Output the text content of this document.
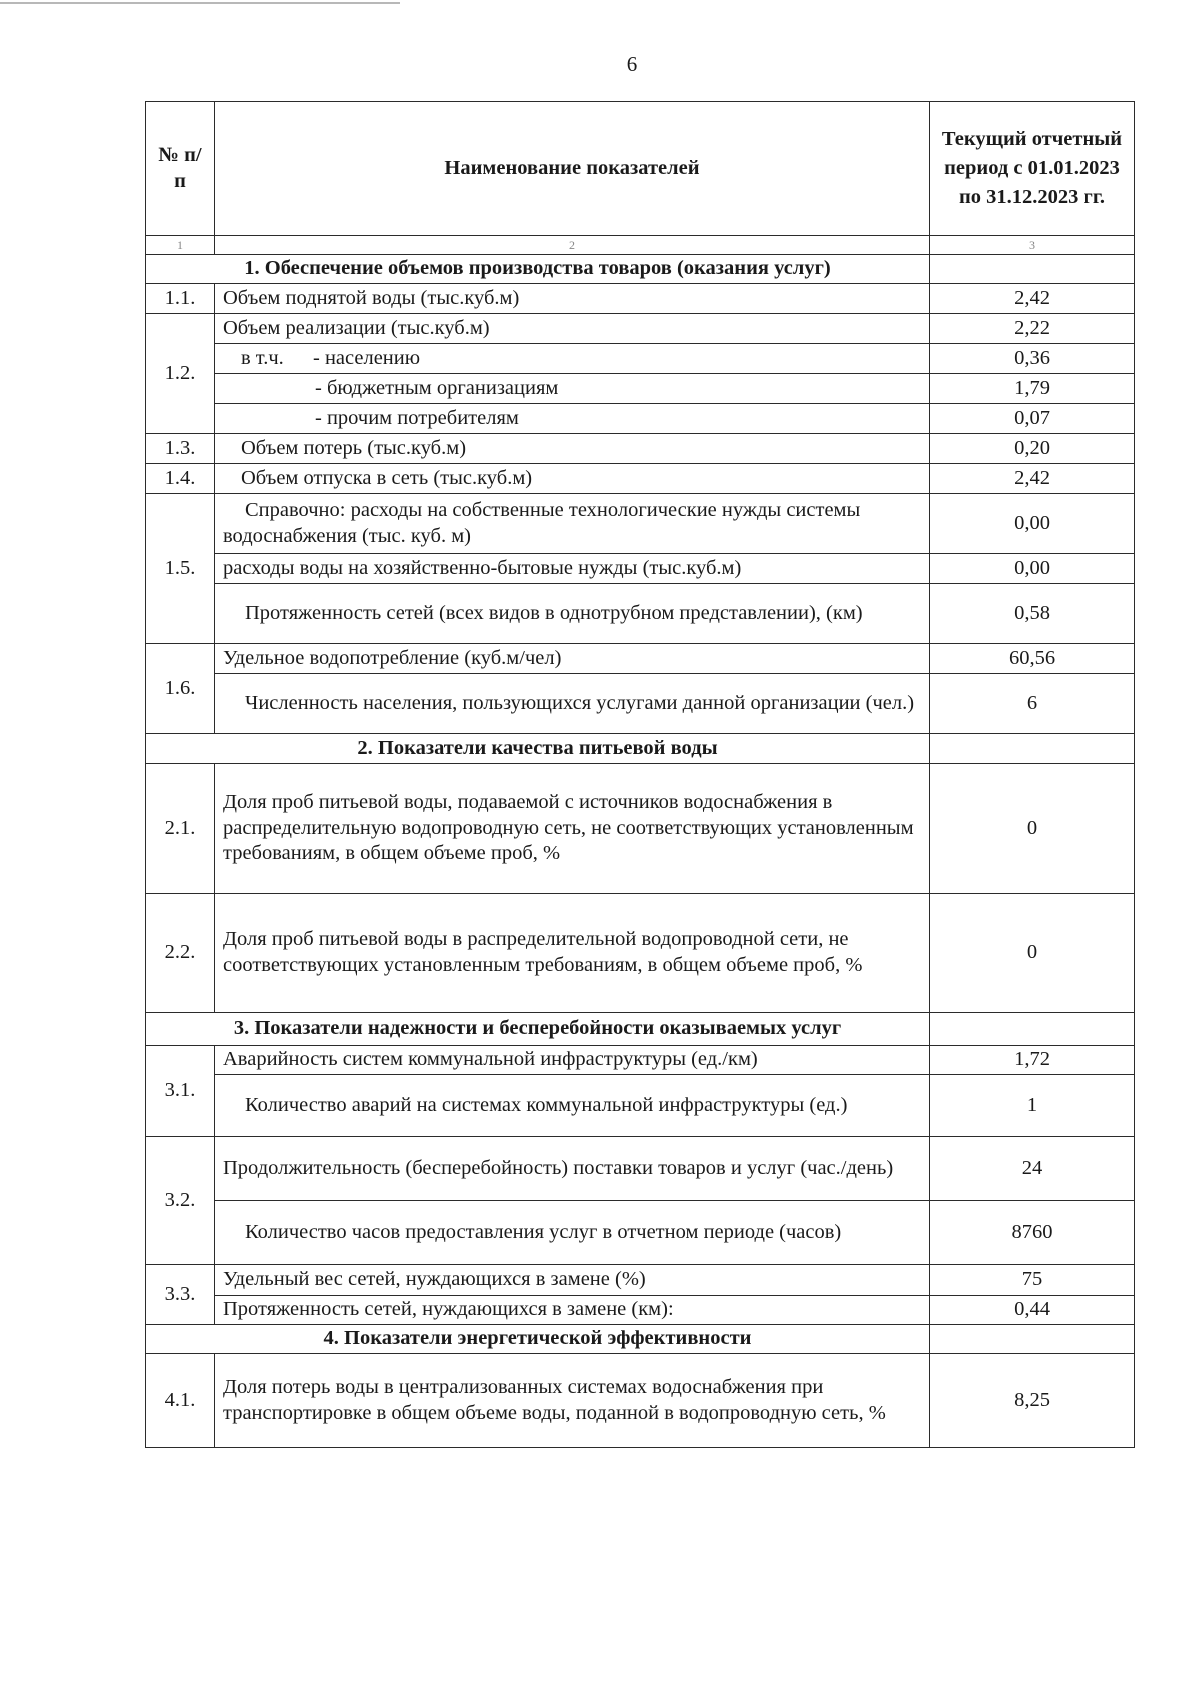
6
№ п/п	Наименование показателей	Текущий отчетный период с 01.01.2023 по 31.12.2023 гг.
1	2	3
1. Обеспечение объемов производства товаров (оказания услуг)		
1.1.	Объем поднятой воды (тыс.куб.м)	2,42
1.2.	Объем реализации (тыс.куб.м)	2,22
	в т.ч. - населению	0,36
	- бюджетным организациям	1,79
	- прочим потребителям	0,07
1.3.	Объем потерь (тыс.куб.м)	0,20
1.4.	Объем отпуска в сеть (тыс.куб.м)	2,42
1.5.	Справочно: расходы на собственные технологические нужды системы водоснабжения (тыс. куб. м)	0,00
	расходы воды на хозяйственно-бытовые нужды (тыс.куб.м)	0,00
	Протяженность сетей (всех видов в однотрубном представлении), (км)	0,58
1.6.	Удельное водопотребление (куб.м/чел)	60,56
	Численность населения, пользующихся услугами данной организации (чел.)	6
2. Показатели качества питьевой воды		
2.1.	Доля проб питьевой воды, подаваемой с источников водоснабжения в распределительную водопроводную сеть, не соответствующих установленным требованиям, в общем объеме проб, %	0
2.2.	Доля проб питьевой воды в распределительной водопроводной сети, не соответствующих установленным требованиям, в общем объеме проб, %	0
3. Показатели надежности и бесперебойности оказываемых услуг		
3.1.	Аварийность систем коммунальной инфраструктуры (ед./км)	1,72
	Количество аварий на системах коммунальной инфраструктуры (ед.)	1
3.2.	Продолжительность (бесперебойность) поставки товаров и услуг (час./день)	24
	Количество часов предоставления услуг в отчетном периоде (часов)	8760
3.3.	Удельный вес сетей, нуждающихся в замене (%)	75
	Протяженность сетей, нуждающихся в замене (км):	0,44
4. Показатели энергетической эффективности		
4.1.	Доля потерь воды в централизованных системах водоснабжения при транспортировке в общем объеме воды, поданной в водопроводную сеть, %	8,25
